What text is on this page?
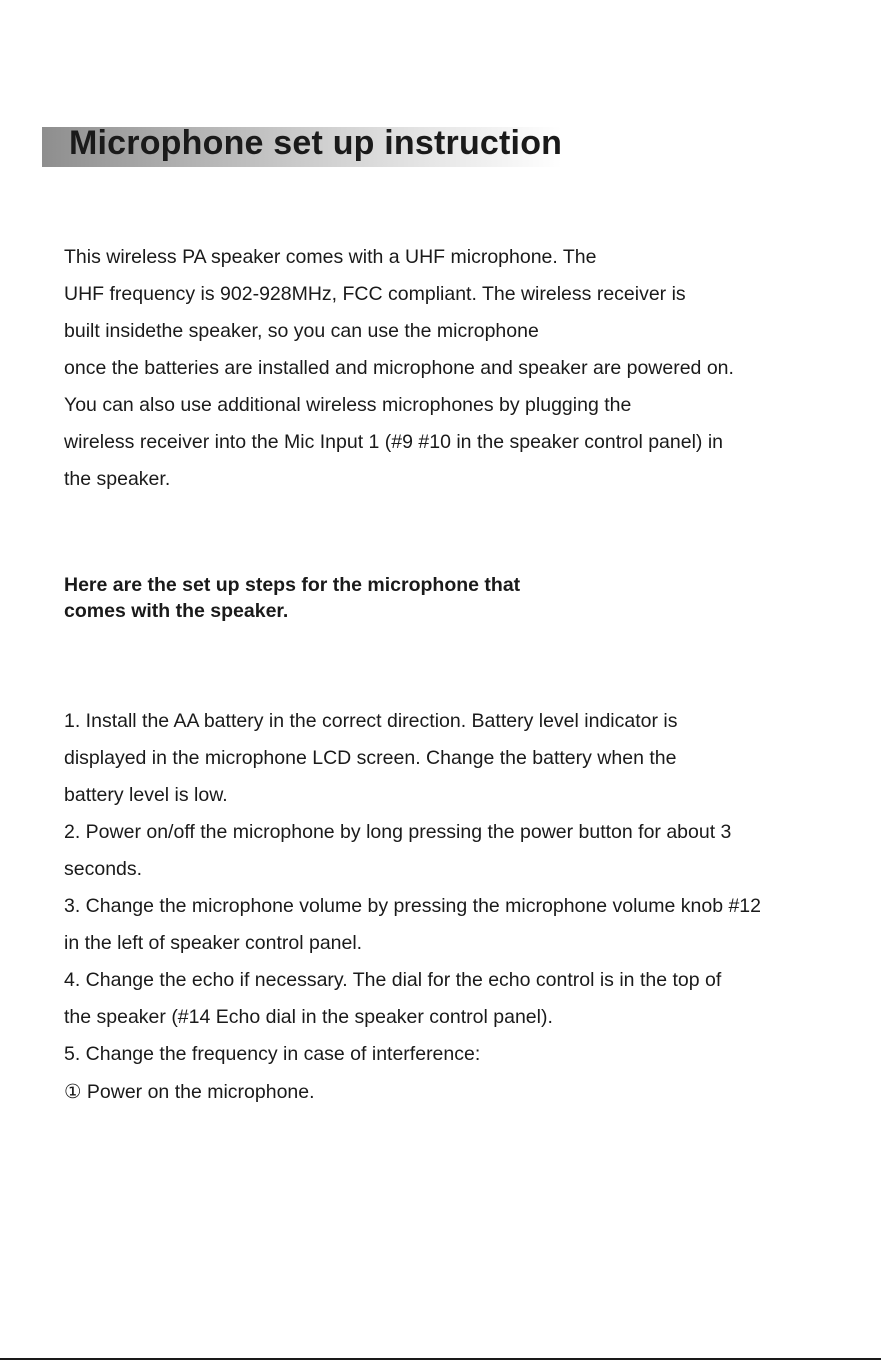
Microphone set up instruction
This wireless PA speaker comes with a UHF microphone. The
UHF frequency is 902-928MHz, FCC compliant. The wireless receiver is
built insidethe speaker, so you can use the microphone
once the batteries are installed and microphone and speaker are powered on.
You can also use additional wireless microphones by plugging the
wireless receiver into the Mic Input 1 (#9 #10 in the speaker control panel) in
the speaker.
Here are the set up steps for the microphone that
comes with the speaker.
1. Install the AA battery in the correct direction. Battery level indicator is
displayed in the microphone LCD screen. Change the battery when the
battery level is low.
2. Power on/off the microphone by long pressing the power button for about 3
seconds.
3. Change the microphone volume by pressing the microphone volume knob #12
in the left of speaker control panel.
4. Change the echo if necessary. The dial for the echo control is in the top of
the speaker (#14 Echo dial in the speaker control panel).
5. Change the frequency in case of interference:
① Power on the microphone.
